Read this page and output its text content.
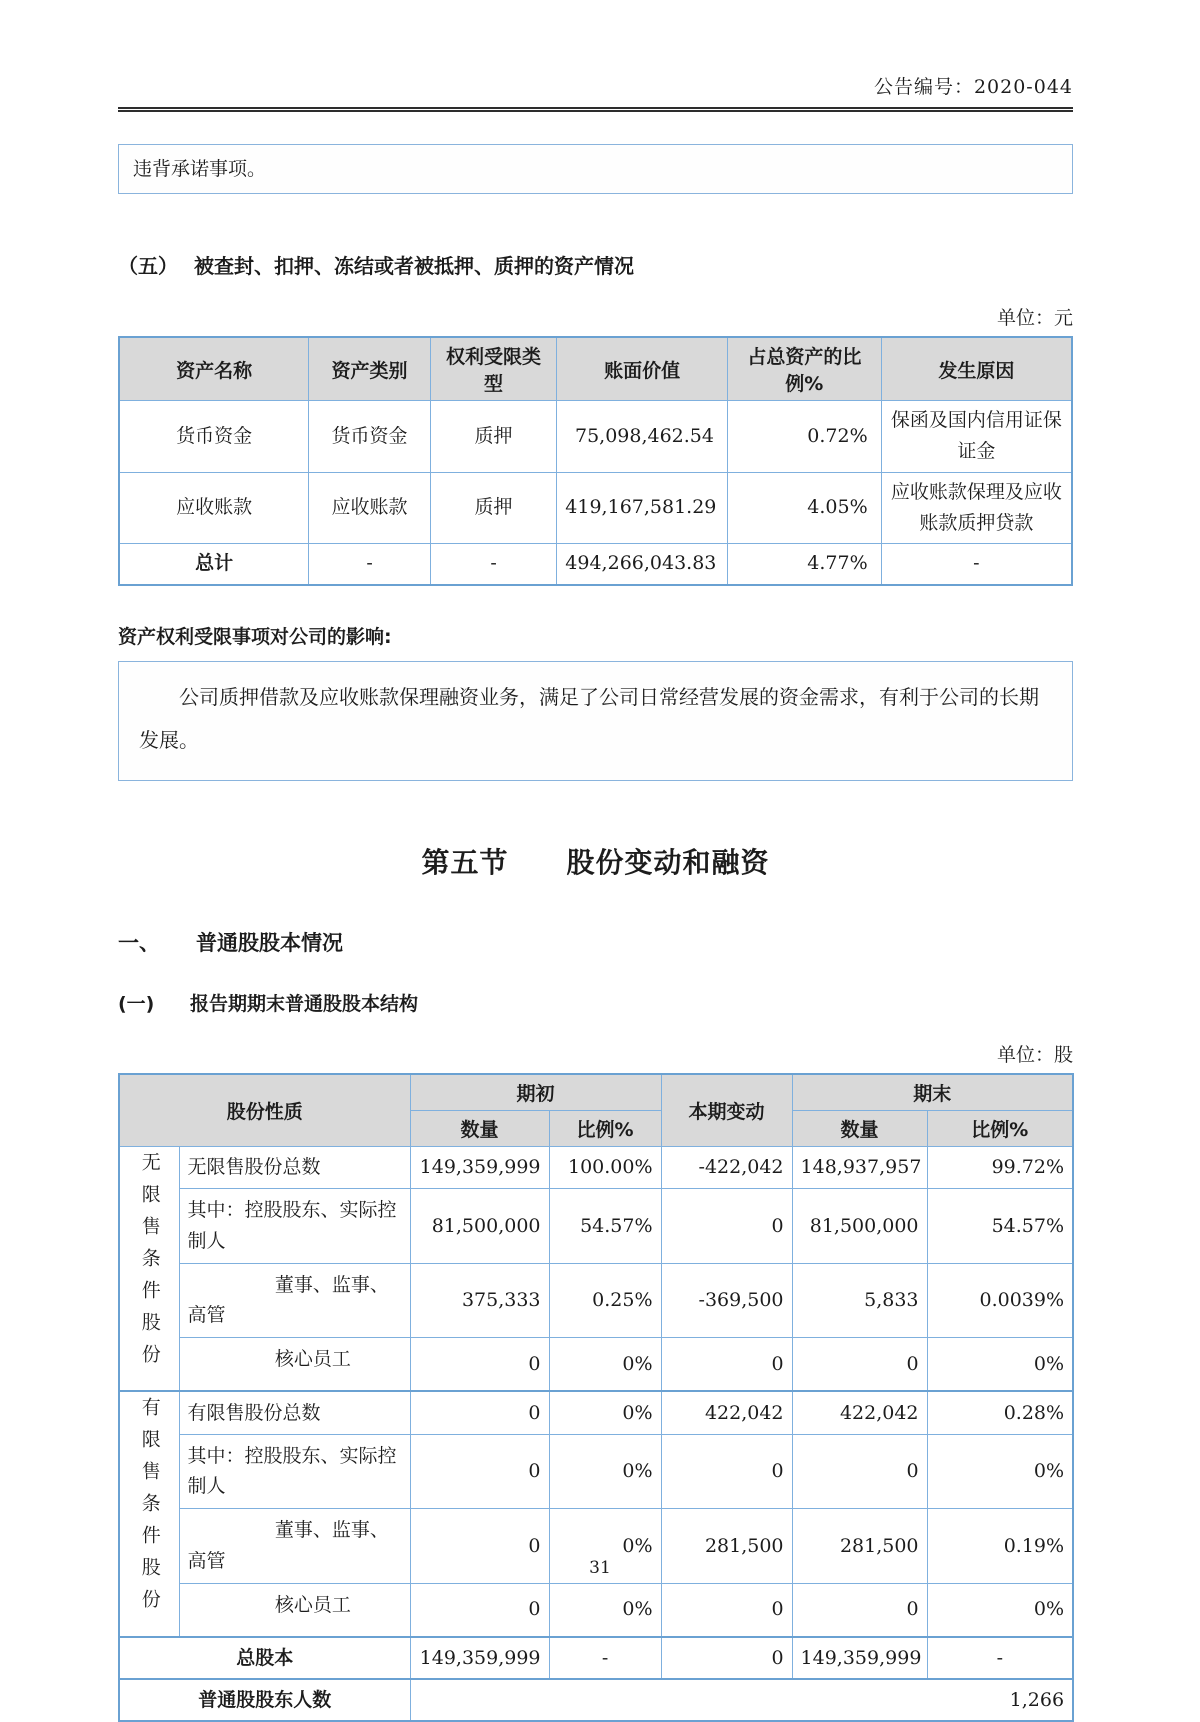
公告编号：2020-044
违背承诺事项。
（五） 被查封、扣押、冻结或者被抵押、质押的资产情况
单位：元
资产名称	资产类别	权利受限类型	账面价值	占总资产的比例%	发生原因
货币资金	货币资金	质押	75,098,462.54	0.72%	保函及国内信用证保证金
应收账款	应收账款	质押	419,167,581.29	4.05%	应收账款保理及应收账款质押贷款
总计	-	-	494,266,043.83	4.77%	-
资产权利受限事项对公司的影响:
公司质押借款及应收账款保理融资业务，满足了公司日常经营发展的资金需求，有利于公司的长期发展。
第五节　　股份变动和融资
一、 普通股股本情况
(一) 报告期期末普通股股本结构
单位：股
股份性质		期初		本期变动	期末	
		数量	比例%		数量	比例%
无限售条件股份	无限售股份总数	149,359,999	100.00%	-422,042	148,937,957	99.72%
	其中：控股股东、实际控制人	81,500,000	54.57%	0	81,500,000	54.57%
	董事、监事、高管	375,333	0.25%	-369,500	5,833	0.0039%
	核心员工	0	0%	0	0	0%
有限售条件股份	有限售股份总数	0	0%	422,042	422,042	0.28%
	其中：控股股东、实际控制人	0	0%	0	0	0%
	董事、监事、高管	0	0%	281,500	281,500	0.19%
	核心员工	0	0%	0	0	0%
总股本		149,359,999	-	0	149,359,999	-
普通股股东人数		1,266				
31
